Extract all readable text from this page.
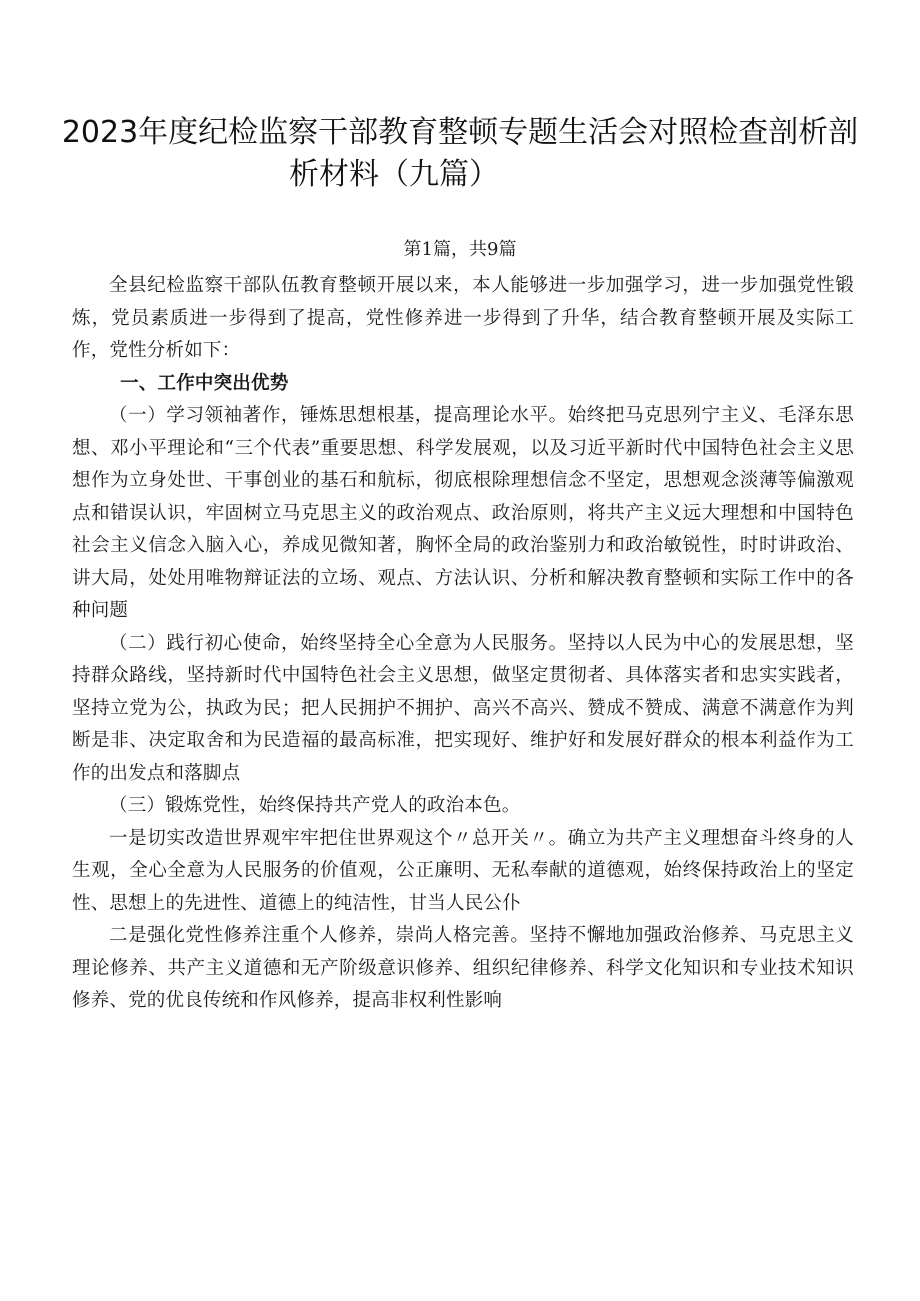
2023年度纪检监察干部教育整顿专题生活会对照检查剖析剖
析材料（九篇）
第1篇，共9篇

全县纪检监察干部队伍教育整顿开展以来，本人能够进一步加强学习，进一步加强党性锻炼，党员素质进一步得到了提高，党性修养进一步得到了升华，结合教育整顿开展及实际工作，党性分析如下：

一、工作中突出优势

（一）学习领袖著作，锤炼思想根基，提高理论水平。始终把马克思列宁主义、毛泽东思想、邓小平理论和“三个代表”重要思想、科学发展观，以及习近平新时代中国特色社会主义思想作为立身处世、干事创业的基石和航标，彻底根除理想信念不坚定，思想观念淡薄等偏激观点和错误认识，牢固树立马克思主义的政治观点、政治原则，将共产主义远大理想和中国特色社会主义信念入脑入心，养成见微知著，胸怀全局的政治鉴别力和政治敏锐性，时时讲政治、讲大局，处处用唯物辩证法的立场、观点、方法认识、分析和解决教育整顿和实际工作中的各种问题

（二）践行初心使命，始终坚持全心全意为人民服务。坚持以人民为中心的发展思想，坚持群众路线，坚持新时代中国特色社会主义思想，做坚定贯彻者、具体落实者和忠实实践者，坚持立党为公，执政为民；把人民拥护不拥护、高兴不高兴、赞成不赞成、满意不满意作为判断是非、决定取舍和为民造福的最高标准，把实现好、维护好和发展好群众的根本利益作为工作的出发点和落脚点

（三）锻炼党性，始终保持共产党人的政治本色。

一是切实改造世界观牢牢把住世界观这个〃总开关〃。确立为共产主义理想奋斗终身的人生观，全心全意为人民服务的价值观，公正廉明、无私奉献的道德观，始终保持政治上的坚定性、思想上的先进性、道德上的纯洁性，甘当人民公仆

二是强化党性修养注重个人修养，崇尚人格完善。坚持不懈地加强政治修养、马克思主义理论修养、共产主义道德和无产阶级意识修养、组织纪律修养、科学文化知识和专业技术知识修养、党的优良传统和作风修养，提高非权利性影响
